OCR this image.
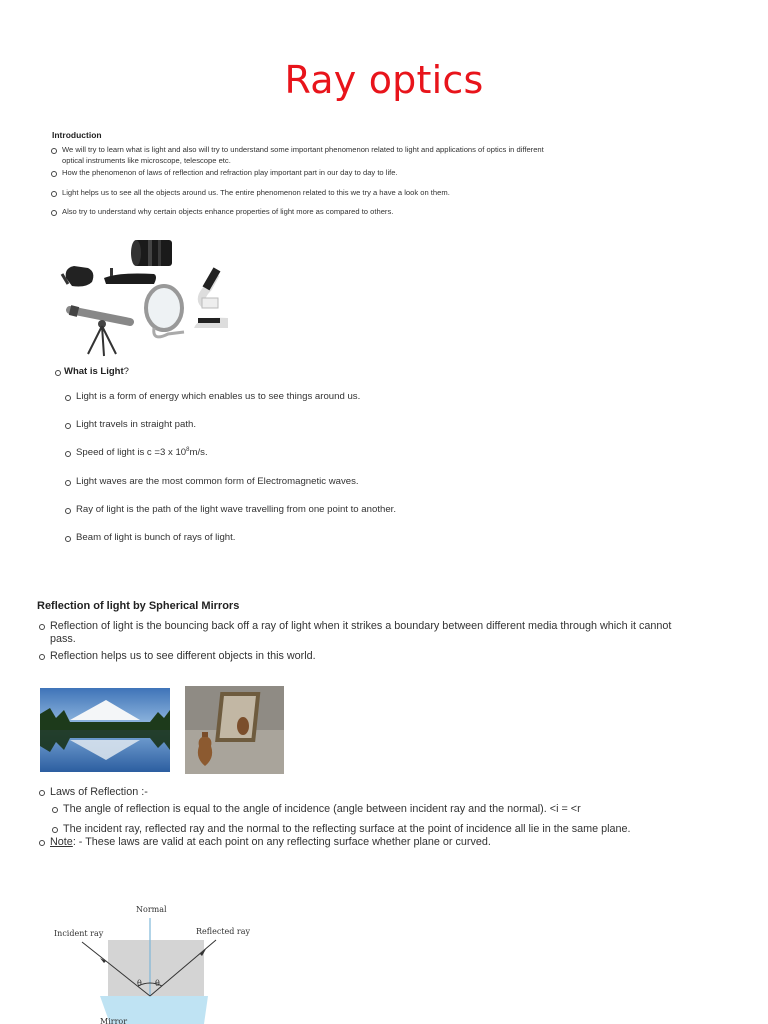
Ray optics
Introduction
We will try to learn what is light and also will try to understand some important phenomenon related to light and applications of optics in different optical instruments like microscope, telescope etc.
How the phenomenon of laws of reflection and refraction play important part in our day to day to life.
Light helps us to see all the objects around us. The entire phenomenon related to this we try a have a look on them.
Also try to understand why certain objects enhance properties of light more as compared to others.
What is Light?
Light is a form of energy which enables us to see things around us.
Light travels in straight path.
Speed of light is c =3 x $10^8m/s$.
Light waves are the most common form of Electromagnetic waves.
Ray of light is the path of the light wave travelling from one point to another.
Beam of light is bunch of rays of light.
Reflection of light by Spherical Mirrors
Reflection of light is the bouncing back off a ray of light when it strikes a boundary between different media through which it cannot pass.
Reflection helps us to see different objects in this world.
Laws of Reflection :-
The angle of reflection is equal to the angle of incidence (angle between incident ray and the normal). <i = <r
The incident ray, reflected ray and the normal to the reflecting surface at the point of incidence all lie in the same plane.
Note: - These laws are valid at each point on any reflecting surface whether plane or curved.
Normal
Incident ray	Reflected ray
θ θ
Mirror
